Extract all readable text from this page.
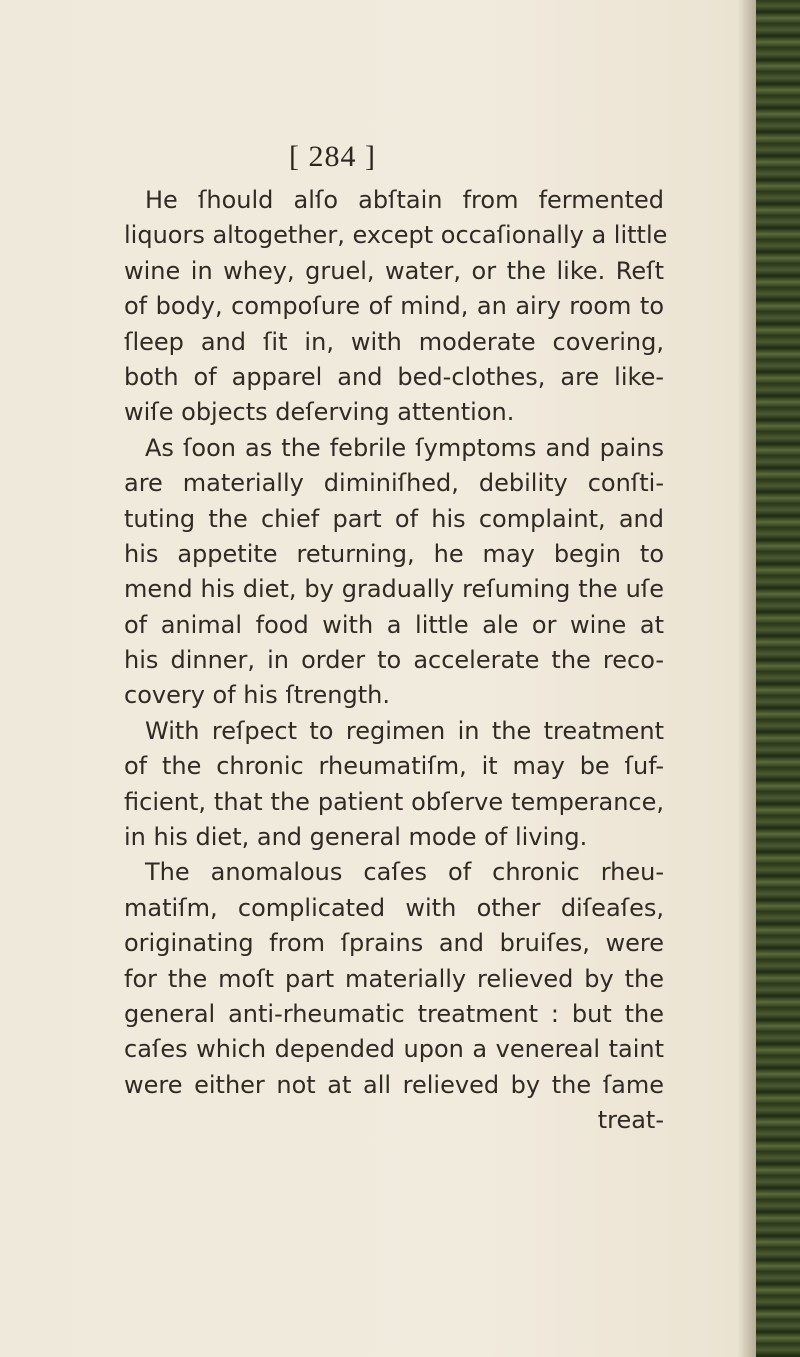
[ 284 ]
He ſhould alſo abſtain from fermented
liquors altogether, except occaſionally a little
wine in whey, gruel, water, or the like. Reſt
of body, compoſure of mind, an airy room to
ſleep and ſit in, with moderate covering,
both of apparel and bed-clothes, are like-
wiſe objects deſerving attention.
As ſoon as the febrile ſymptoms and pains
are materially diminiſhed, debility conſti-
tuting the chief part of his complaint, and
his appetite returning, he may begin to
mend his diet, by gradually reſuming the uſe
of animal food with a little ale or wine at
his dinner, in order to accelerate the reco-
covery of his ſtrength.
With reſpect to regimen in the treatment
of the chronic rheumatiſm, it may be ſuf-
ficient, that the patient obſerve temperance,
in his diet, and general mode of living.
The anomalous caſes of chronic rheu-
matiſm, complicated with other diſeaſes,
originating from ſprains and bruiſes, were
for the moſt part materially relieved by the
general anti-rheumatic treatment : but the
caſes which depended upon a venereal taint
were either not at all relieved by the ſame
treat-
